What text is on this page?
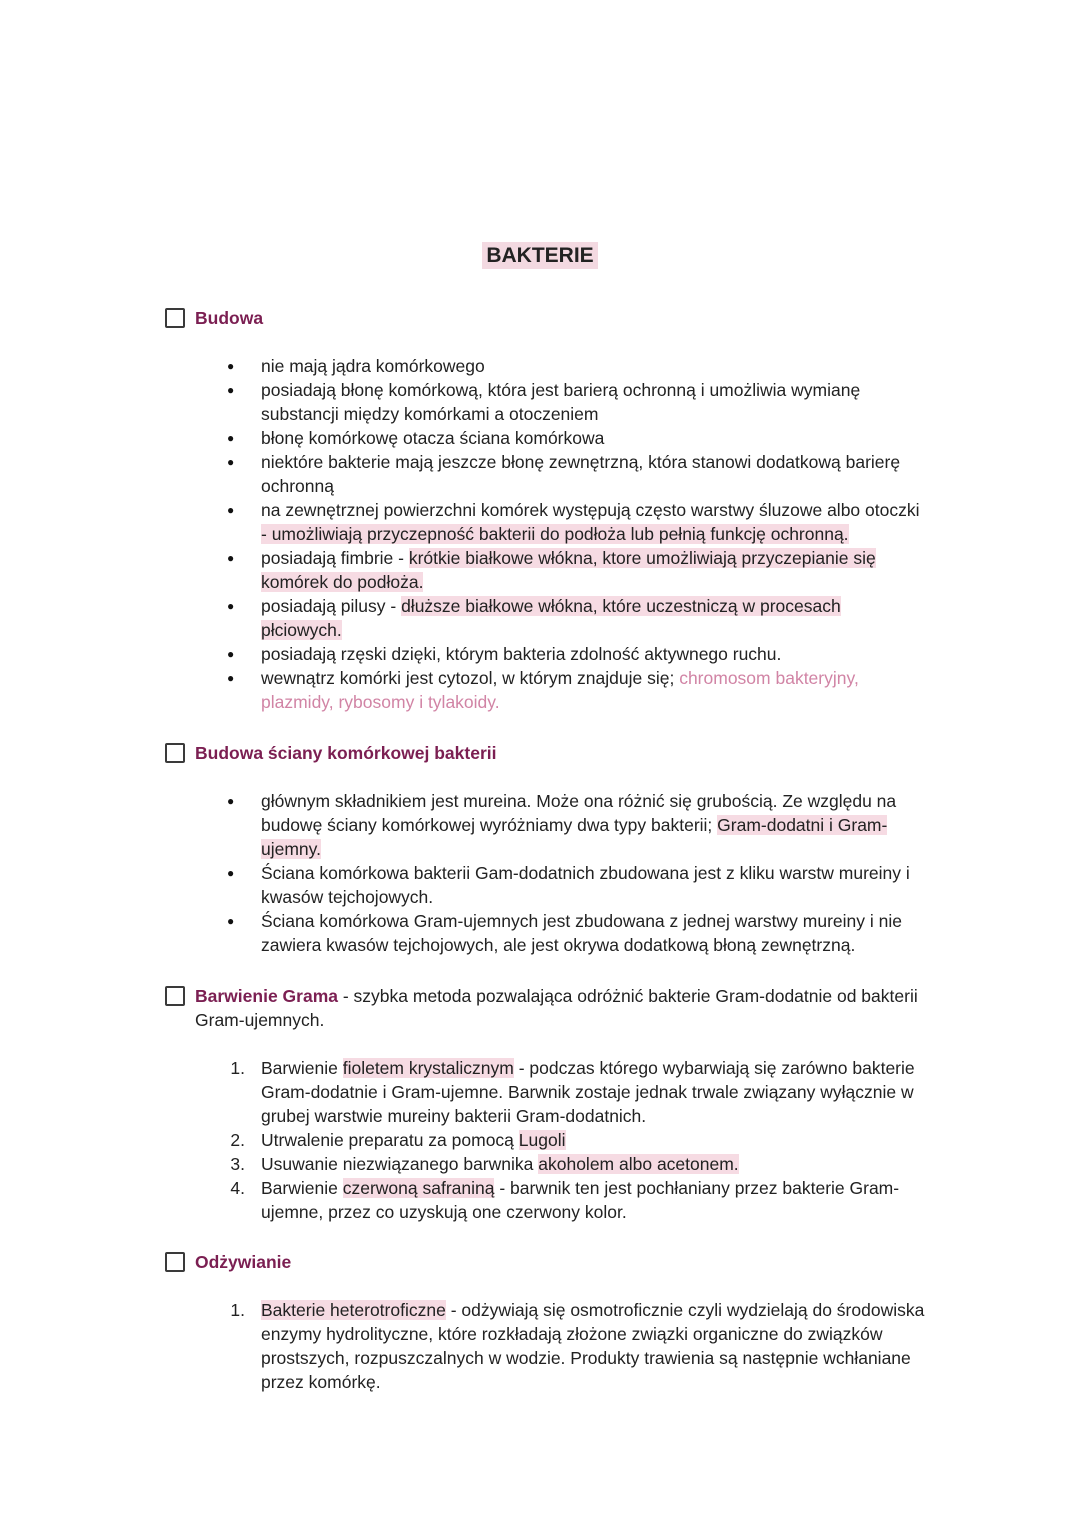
BAKTERIE
Budowa
● nie mają jądra komórkowego
● posiadają błonę komórkową, która jest barierą ochronną i umożliwia wymianę substancji między komórkami a otoczeniem
● błonę komórkowę otacza ściana komórkowa
● niektóre bakterie mają jeszcze błonę zewnętrzną, która stanowi dodatkową barierę ochronną
● na zewnętrznej powierzchni komórek występują często warstwy śluzowe albo otoczki - umożliwiają przyczepność bakterii do podłoża lub pełnią funkcję ochronną.
● posiadają fimbrie - krótkie białkowe włókna, ktore umożliwiają przyczepianie się komórek do podłoża.
● posiadają pilusy - dłuższe białkowe włókna, które uczestniczą w procesach płciowych.
● posiadają rzęski dzięki, którym bakteria zdolność aktywnego ruchu.
● wewnątrz komórki jest cytozol, w którym znajduje się; chromosom bakteryjny, plazmidy, rybosomy i tylakoidy.
Budowa ściany komórkowej bakterii
● głównym składnikiem jest mureina. Może ona różnić się grubością. Ze względu na budowę ściany komórkowej wyróżniamy dwa typy bakterii; Gram-dodatni i Gram-ujemny.
● Ściana komórkowa bakterii Gam-dodatnich zbudowana jest z kliku warstw mureiny i kwasów tejchojowych.
● Ściana komórkowa Gram-ujemnych jest zbudowana z jednej warstwy mureiny i nie zawiera kwasów tejchojowych, ale jest okrywa dodatkową błoną zewnętrzną.
Barwienie Grama - szybka metoda pozwalająca odróżnić bakterie Gram-dodatnie od bakterii Gram-ujemnych.
1. Barwienie fioletem krystalicznym - podczas którego wybarwiają się zarówno bakterie Gram-dodatnie i Gram-ujemne. Barwnik zostaje jednak trwale związany wyłącznie w grubej warstwie mureiny bakterii Gram-dodatnich.
2. Utrwalenie preparatu za pomocą Lugoli
3. Usuwanie niezwiązanego barwnika akoholem albo acetonem.
4. Barwienie czerwoną safraniną - barwnik ten jest pochłaniany przez bakterie Gram-ujemne, przez co uzyskują one czerwony kolor.
Odżywianie
1. Bakterie heterotroficzne - odżywiają się osmotroficznie czyli wydzielają do środowiska enzymy hydrolityczne, które rozkładają złożone związki organiczne do związków prostszych, rozpuszczalnych w wodzie. Produkty trawienia są następnie wchłaniane przez komórkę.
